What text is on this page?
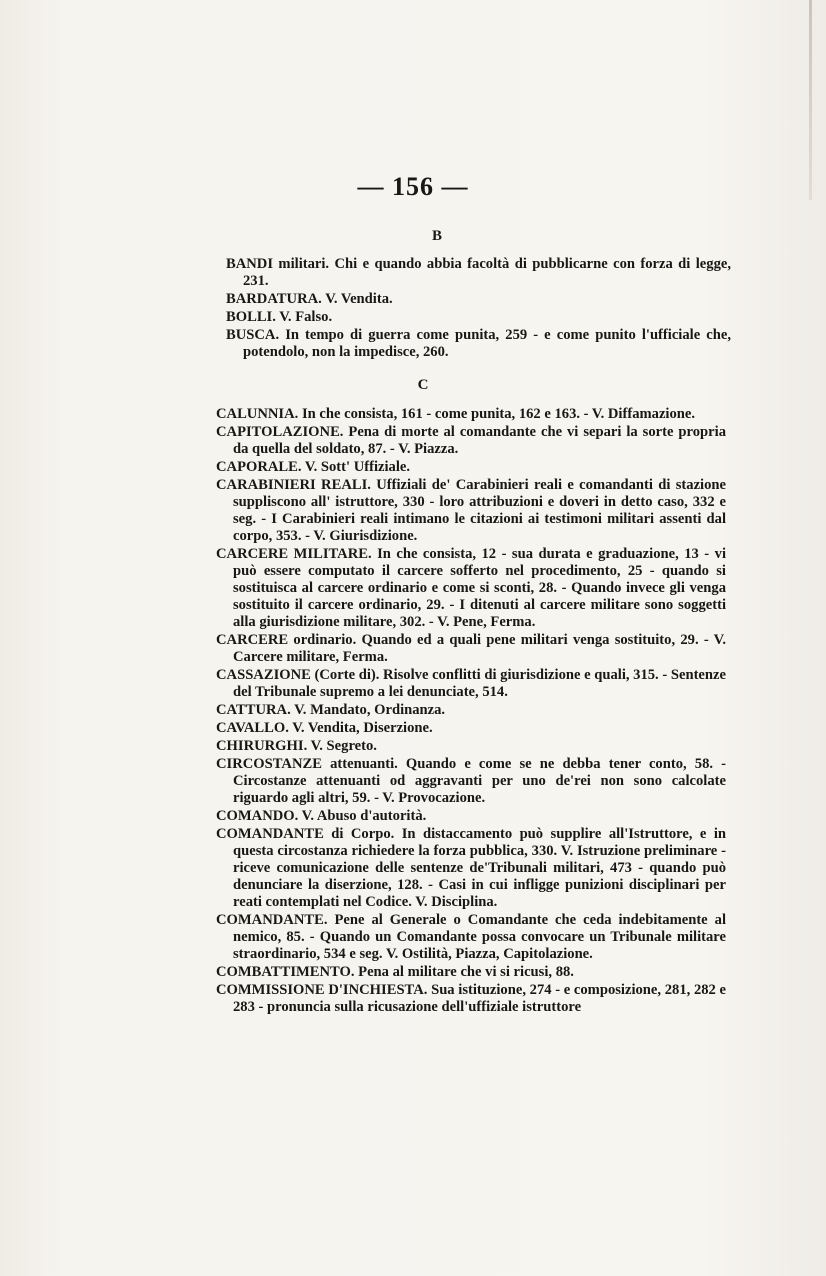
— 156 —
B

BANDI militari. Chi e quando abbia facoltà di pubblicarne con forza di legge, 231.

BARDATURA. V. Vendita.

BOLLI. V. Falso.

BUSCA. In tempo di guerra come punita, 259 - e come punito l'ufficiale che, potendolo, non la impedisce, 260.

C

CALUNNIA. In che consista, 161 - come punita, 162 e 163. - V. Diffamazione.

CAPITOLAZIONE. Pena di morte al comandante che vi separi la sorte propria da quella del soldato, 87. - V. Piazza.

CAPORALE. V. Sott' Uffiziale.

CARABINIERI REALI. Uffiziali de' Carabinieri reali e comandanti di stazione suppliscono all' istruttore, 330 - loro attribuzioni e doveri in detto caso, 332 e seg. - I Carabinieri reali intimano le citazioni ai testimoni militari assenti dal corpo, 353. - V. Giurisdizione.

CARCERE MILITARE. In che consista, 12 - sua durata e graduazione, 13 - vi può essere computato il carcere sofferto nel procedimento, 25 - quando si sostituisca al carcere ordinario e come si sconti, 28. - Quando invece gli venga sostituito il carcere ordinario, 29. - I ditenuti al carcere militare sono soggetti alla giurisdizione militare, 302. - V. Pene, Ferma.

CARCERE ordinario. Quando ed a quali pene militari venga sostituito, 29. - V. Carcere militare, Ferma.

CASSAZIONE (Corte di). Risolve conflitti di giurisdizione e quali, 315. - Sentenze del Tribunale supremo a lei denunciate, 514.

CATTURA. V. Mandato, Ordinanza.

CAVALLO. V. Vendita, Diserzione.

CHIRURGHI. V. Segreto.

CIRCOSTANZE attenuanti. Quando e come se ne debba tener conto, 58. - Circostanze attenuanti od aggravanti per uno de'rei non sono calcolate riguardo agli altri, 59. - V. Provocazione.

COMANDO. V. Abuso d'autorità.

COMANDANTE di Corpo. In distaccamento può supplire all'Istruttore, e in questa circostanza richiedere la forza pubblica, 330. V. Istruzione preliminare - riceve comunicazione delle sentenze de'Tribunali militari, 473 - quando può denunciare la diserzione, 128. - Casi in cui infligge punizioni disciplinari per reati contemplati nel Codice. V. Disciplina.

COMANDANTE. Pene al Generale o Comandante che ceda indebitamente al nemico, 85. - Quando un Comandante possa convocare un Tribunale militare straordinario, 534 e seg. V. Ostilità, Piazza, Capitolazione.

COMBATTIMENTO. Pena al militare che vi si ricusi, 88.

COMMISSIONE D'INCHIESTA. Sua istituzione, 274 - e composizione, 281, 282 e 283 - pronuncia sulla ricusazione dell'uffiziale istruttore
